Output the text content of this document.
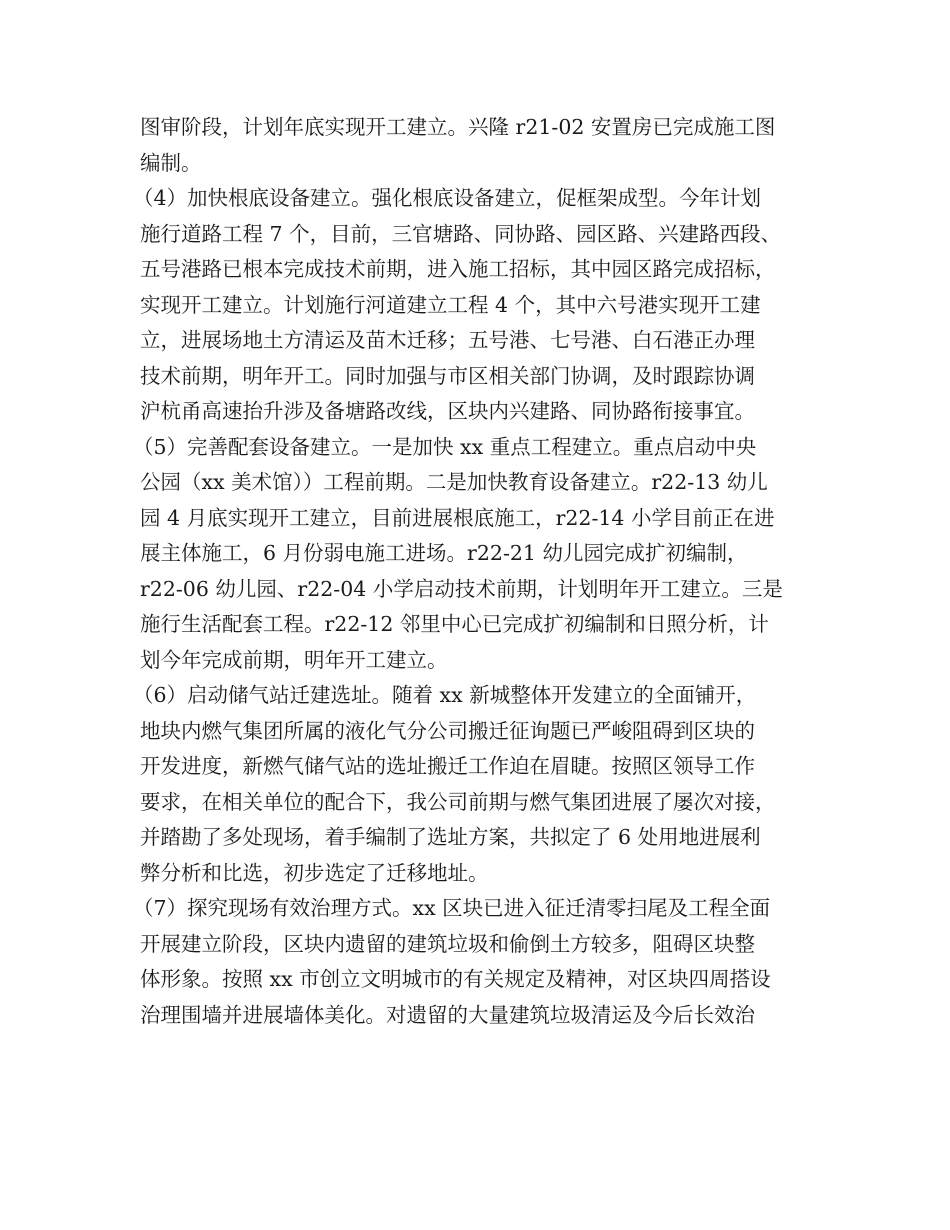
图审阶段，计划年底实现开工建立。兴隆 r21-02 安置房已完成施工图
编制。
（4）加快根底设备建立。强化根底设备建立，促框架成型。今年计划
施行道路工程 7 个，目前，三官塘路、同协路、园区路、兴建路西段、
五号港路已根本完成技术前期，进入施工招标，其中园区路完成招标，
实现开工建立。计划施行河道建立工程 4 个，其中六号港实现开工建
立，进展场地土方清运及苗木迁移；五号港、七号港、白石港正办理
技术前期，明年开工。同时加强与市区相关部门协调，及时跟踪协调
沪杭甬高速抬升涉及备塘路改线，区块内兴建路、同协路衔接事宜。
（5）完善配套设备建立。一是加快 xx 重点工程建立。重点启动中央
公园（xx 美术馆））工程前期。二是加快教育设备建立。r22-13 幼儿
园 4 月底实现开工建立，目前进展根底施工，r22-14 小学目前正在进
展主体施工，6 月份弱电施工进场。r22-21 幼儿园完成扩初编制，
r22-06 幼儿园、r22-04 小学启动技术前期，计划明年开工建立。三是
施行生活配套工程。r22-12 邻里中心已完成扩初编制和日照分析，计
划今年完成前期，明年开工建立。
（6）启动储气站迁建选址。随着 xx 新城整体开发建立的全面铺开，
地块内燃气集团所属的液化气分公司搬迁征询题已严峻阻碍到区块的
开发进度，新燃气储气站的选址搬迁工作迫在眉睫。按照区领导工作
要求，在相关单位的配合下，我公司前期与燃气集团进展了屡次对接，
并踏勘了多处现场，着手编制了选址方案，共拟定了 6 处用地进展利
弊分析和比选，初步选定了迁移地址。
（7）探究现场有效治理方式。xx 区块已进入征迁清零扫尾及工程全面
开展建立阶段，区块内遗留的建筑垃圾和偷倒土方较多，阻碍区块整
体形象。按照 xx 市创立文明城市的有关规定及精神，对区块四周搭设
治理围墙并进展墙体美化。对遗留的大量建筑垃圾清运及今后长效治
